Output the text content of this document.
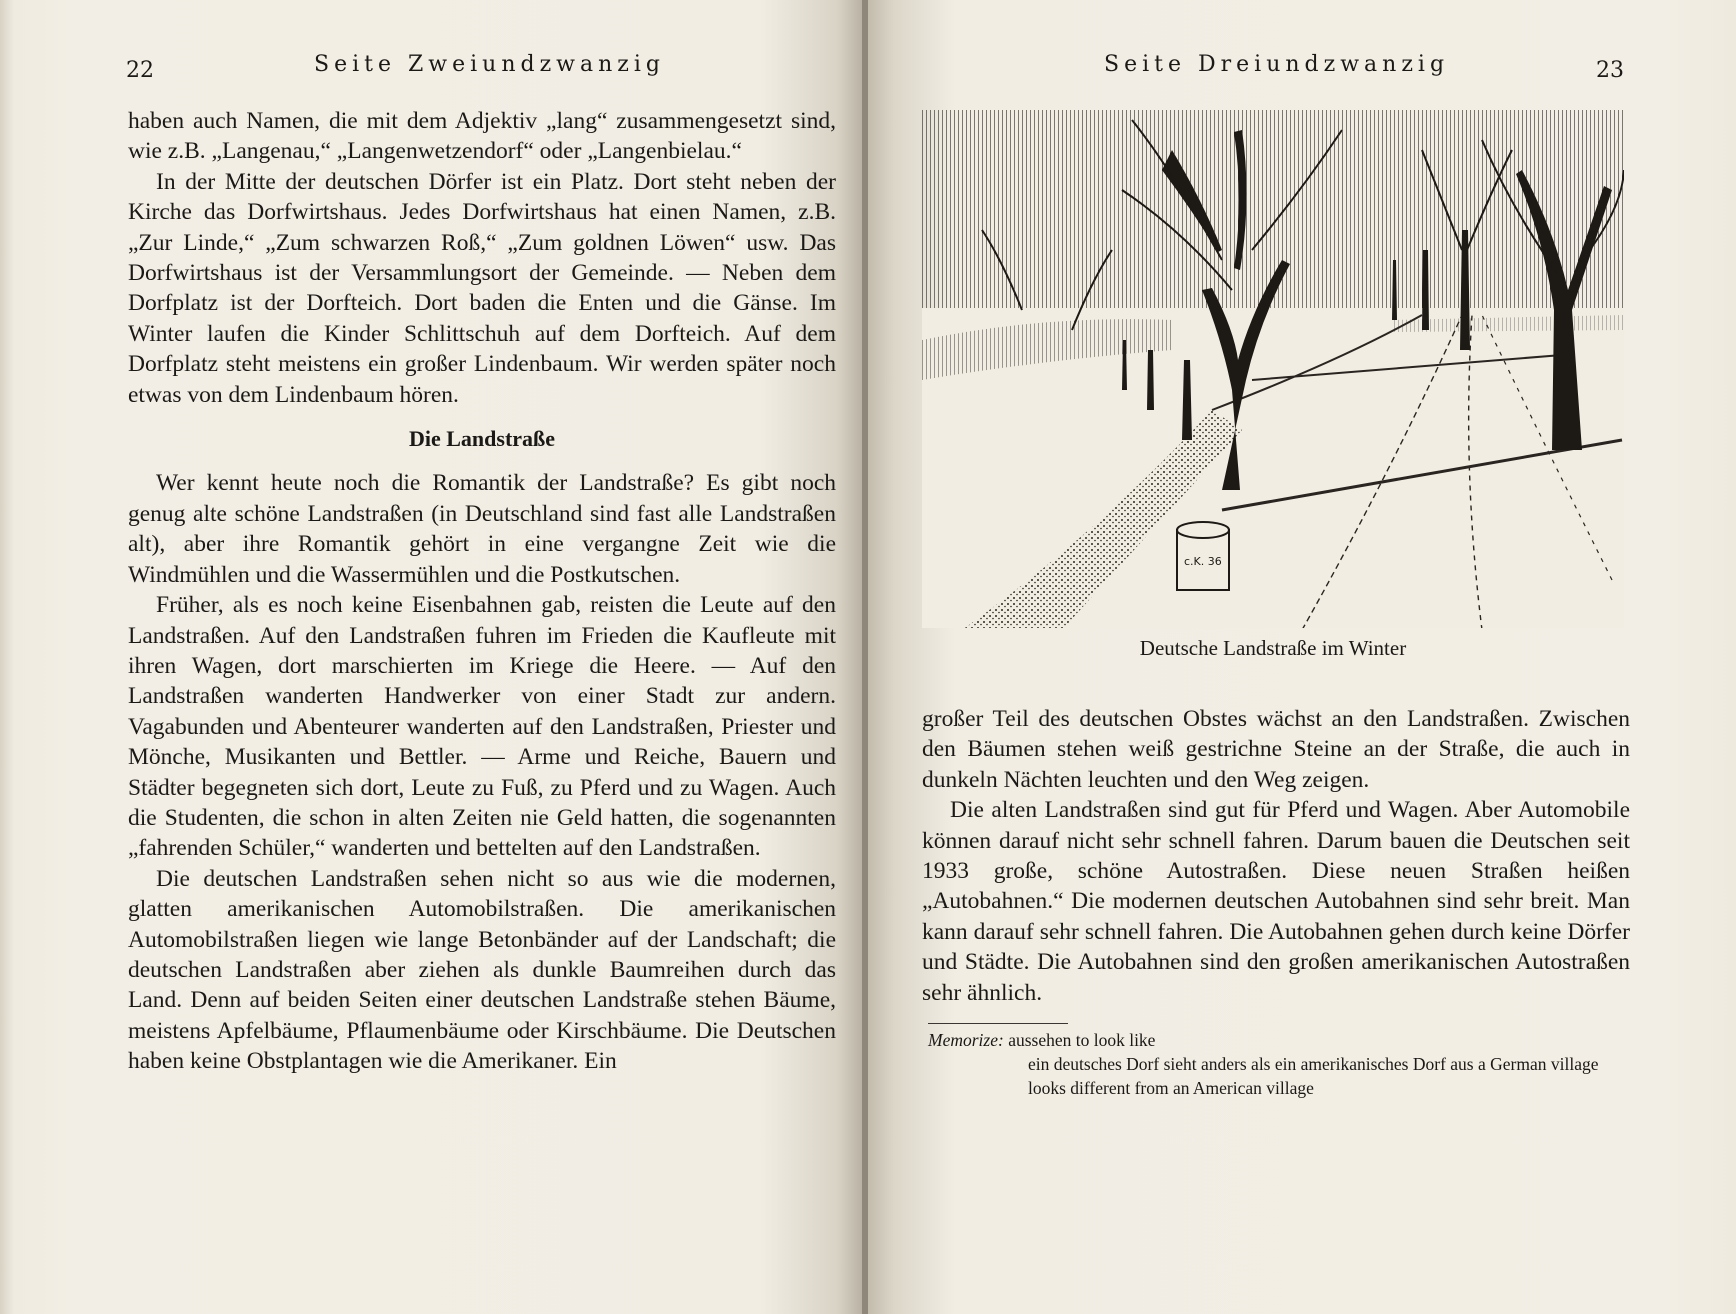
22	Seite Zweiundzwanzig

haben auch Namen, die mit dem Adjektiv „lang“ zusammengesetzt sind, wie z.B. „Langenau,“ „Langenwetzendorf“ oder „Langenbielau.“

In der Mitte der deutschen Dörfer ist ein Platz. Dort steht neben der Kirche das Dorfwirtshaus. Jedes Dorfwirtshaus hat einen Namen, z.B. „Zur Linde,“ „Zum schwarzen Roß,“ „Zum goldnen Löwen“ usw. Das Dorfwirtshaus ist der Versammlungsort der Gemeinde. — Neben dem Dorfplatz ist der Dorfteich. Dort baden die Enten und die Gänse. Im Winter laufen die Kinder Schlittschuh auf dem Dorfteich. Auf dem Dorfplatz steht meistens ein großer Lindenbaum. Wir werden später noch etwas von dem Lindenbaum hören.

Die Landstraße

Wer kennt heute noch die Romantik der Landstraße? Es gibt noch genug alte schöne Landstraßen (in Deutschland sind fast alle Landstraßen alt), aber ihre Romantik gehört in eine vergangne Zeit wie die Windmühlen und die Wassermühlen und die Postkutschen.

Früher, als es noch keine Eisenbahnen gab, reisten die Leute auf den Landstraßen. Auf den Landstraßen fuhren im Frieden die Kaufleute mit ihren Wagen, dort marschierten im Kriege die Heere. — Auf den Landstraßen wanderten Handwerker von einer Stadt zur andern. Vagabunden und Abenteurer wanderten auf den Landstraßen, Priester und Mönche, Musikanten und Bettler. — Arme und Reiche, Bauern und Städter begegneten sich dort, Leute zu Fuß, zu Pferd und zu Wagen. Auch die Studenten, die schon in alten Zeiten nie Geld hatten, die sogenannten „fahrenden Schüler,“ wanderten und bettelten auf den Landstraßen.

Die deutschen Landstraßen sehen nicht so aus wie die modernen, glatten amerikanischen Automobilstraßen. Die amerikanischen Automobilstraßen liegen wie lange Betonbänder auf der Landschaft; die deutschen Landstraßen aber ziehen als dunkle Baumreihen durch das Land. Denn auf beiden Seiten einer deutschen Landstraße stehen Bäume, meistens Apfelbäume, Pflaumenbäume oder Kirschbäume. Die Deutschen haben keine Obstplantagen wie die Amerikaner. Ein

Seite Dreiundzwanzig	23
c.K. 36
Deutsche Landstraße im Winter

großer Teil des deutschen Obstes wächst an den Landstraßen. Zwischen den Bäumen stehen weiß gestrichne Steine an der Straße, die auch in dunkeln Nächten leuchten und den Weg zeigen.

Die alten Landstraßen sind gut für Pferd und Wagen. Aber Automobile können darauf nicht sehr schnell fahren. Darum bauen die Deutschen seit 1933 große, schöne Autostraßen. Diese neuen Straßen heißen „Autobahnen.“ Die modernen deutschen Autobahnen sind sehr breit. Man kann darauf sehr schnell fahren. Die Autobahnen gehen durch keine Dörfer und Städte. Die Autobahnen sind den großen amerikanischen Autostraßen sehr ähnlich.

Memorize: aussehen to look like
ein deutsches Dorf sieht anders als ein amerikanisches Dorf aus a German village looks different from an American village
